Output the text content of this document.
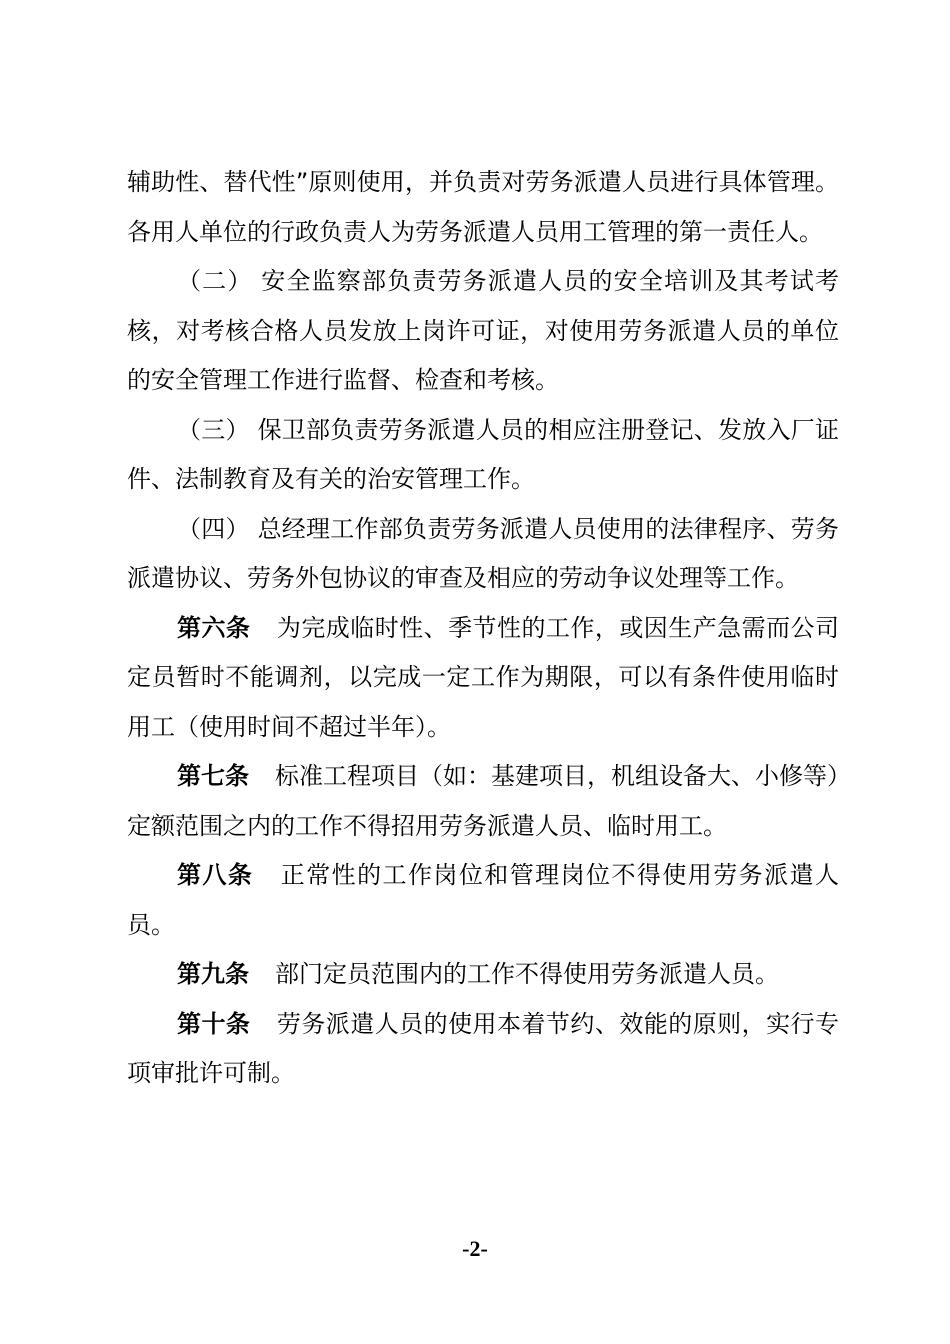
辅助性、替代性”原则使用，并负责对劳务派遣人员进行具体管理。各用人单位的行政负责人为劳务派遣人员用工管理的第一责任人。

（二） 安全监察部负责劳务派遣人员的安全培训及其考试考核，对考核合格人员发放上岗许可证，对使用劳务派遣人员的单位的安全管理工作进行监督、检查和考核。

（三） 保卫部负责劳务派遣人员的相应注册登记、发放入厂证件、法制教育及有关的治安管理工作。

（四） 总经理工作部负责劳务派遣人员使用的法律程序、劳务派遣协议、劳务外包协议的审查及相应的劳动争议处理等工作。

第六条 为完成临时性、季节性的工作，或因生产急需而公司定员暂时不能调剂，以完成一定工作为期限，可以有条件使用临时用工（使用时间不超过半年）。

第七条 标准工程项目（如：基建项目，机组设备大、小修等）定额范围之内的工作不得招用劳务派遣人员、临时用工。

第八条 正常性的工作岗位和管理岗位不得使用劳务派遣人员。

第九条 部门定员范围内的工作不得使用劳务派遣人员。

第十条 劳务派遣人员的使用本着节约、效能的原则，实行专项审批许可制。

-2-
